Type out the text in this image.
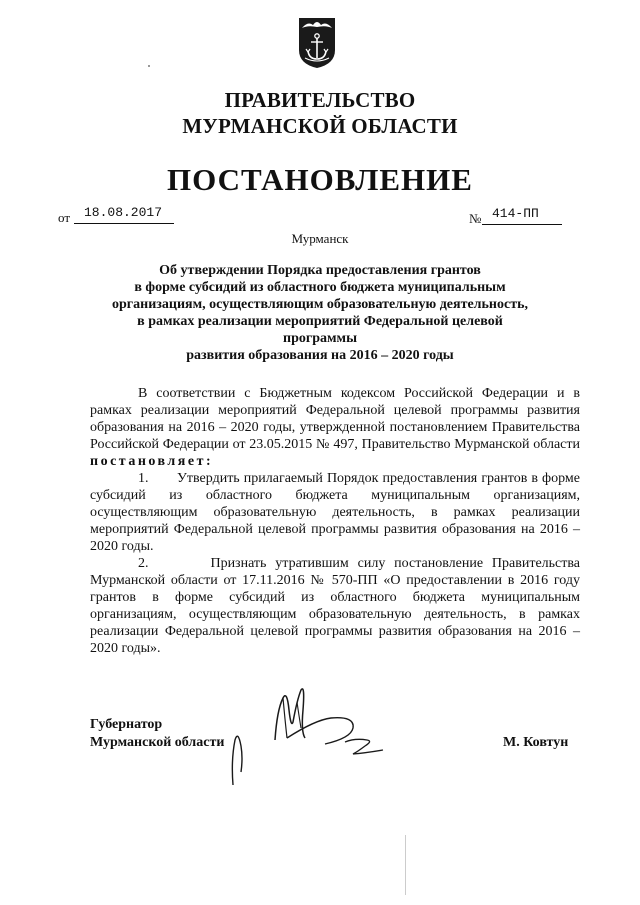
ПРАВИТЕЛЬСТВО
МУРМАНСКОЙ ОБЛАСТИ
ПОСТАНОВЛЕНИЕ
от 18.08.2017	№ 414-ПП
Мурманск
Об утверждении Порядка предоставления грантов
в форме субсидий из областного бюджета муниципальным
организациям, осуществляющим образовательную деятельность,
в рамках реализации мероприятий Федеральной целевой программы
развития образования на 2016 – 2020 годы

В соответствии с Бюджетным кодексом Российской Федерации и в рамках реализации мероприятий Федеральной целевой программы развития образования на 2016 – 2020 годы, утвержденной постановлением Правительства Российской Федерации от 23.05.2015 № 497, Правительство Мурманской области постановляет:

1.       Утвердить прилагаемый Порядок предоставления грантов в форме субсидий из областного бюджета муниципальным организациям, осуществляющим образовательную деятельность, в рамках реализации мероприятий Федеральной целевой программы развития образования на 2016 – 2020 годы.

2.       Признать утратившим силу постановление Правительства Мурманской области от 17.11.2016 № 570-ПП «О предоставлении в 2016 году грантов в форме субсидий из областного бюджета муниципальным организациям, осуществляющим образовательную деятельность, в рамках реализации Федеральной целевой программы развития образования на 2016 – 2020 годы».

Губернатор
Мурманской области	М. Ковтун
